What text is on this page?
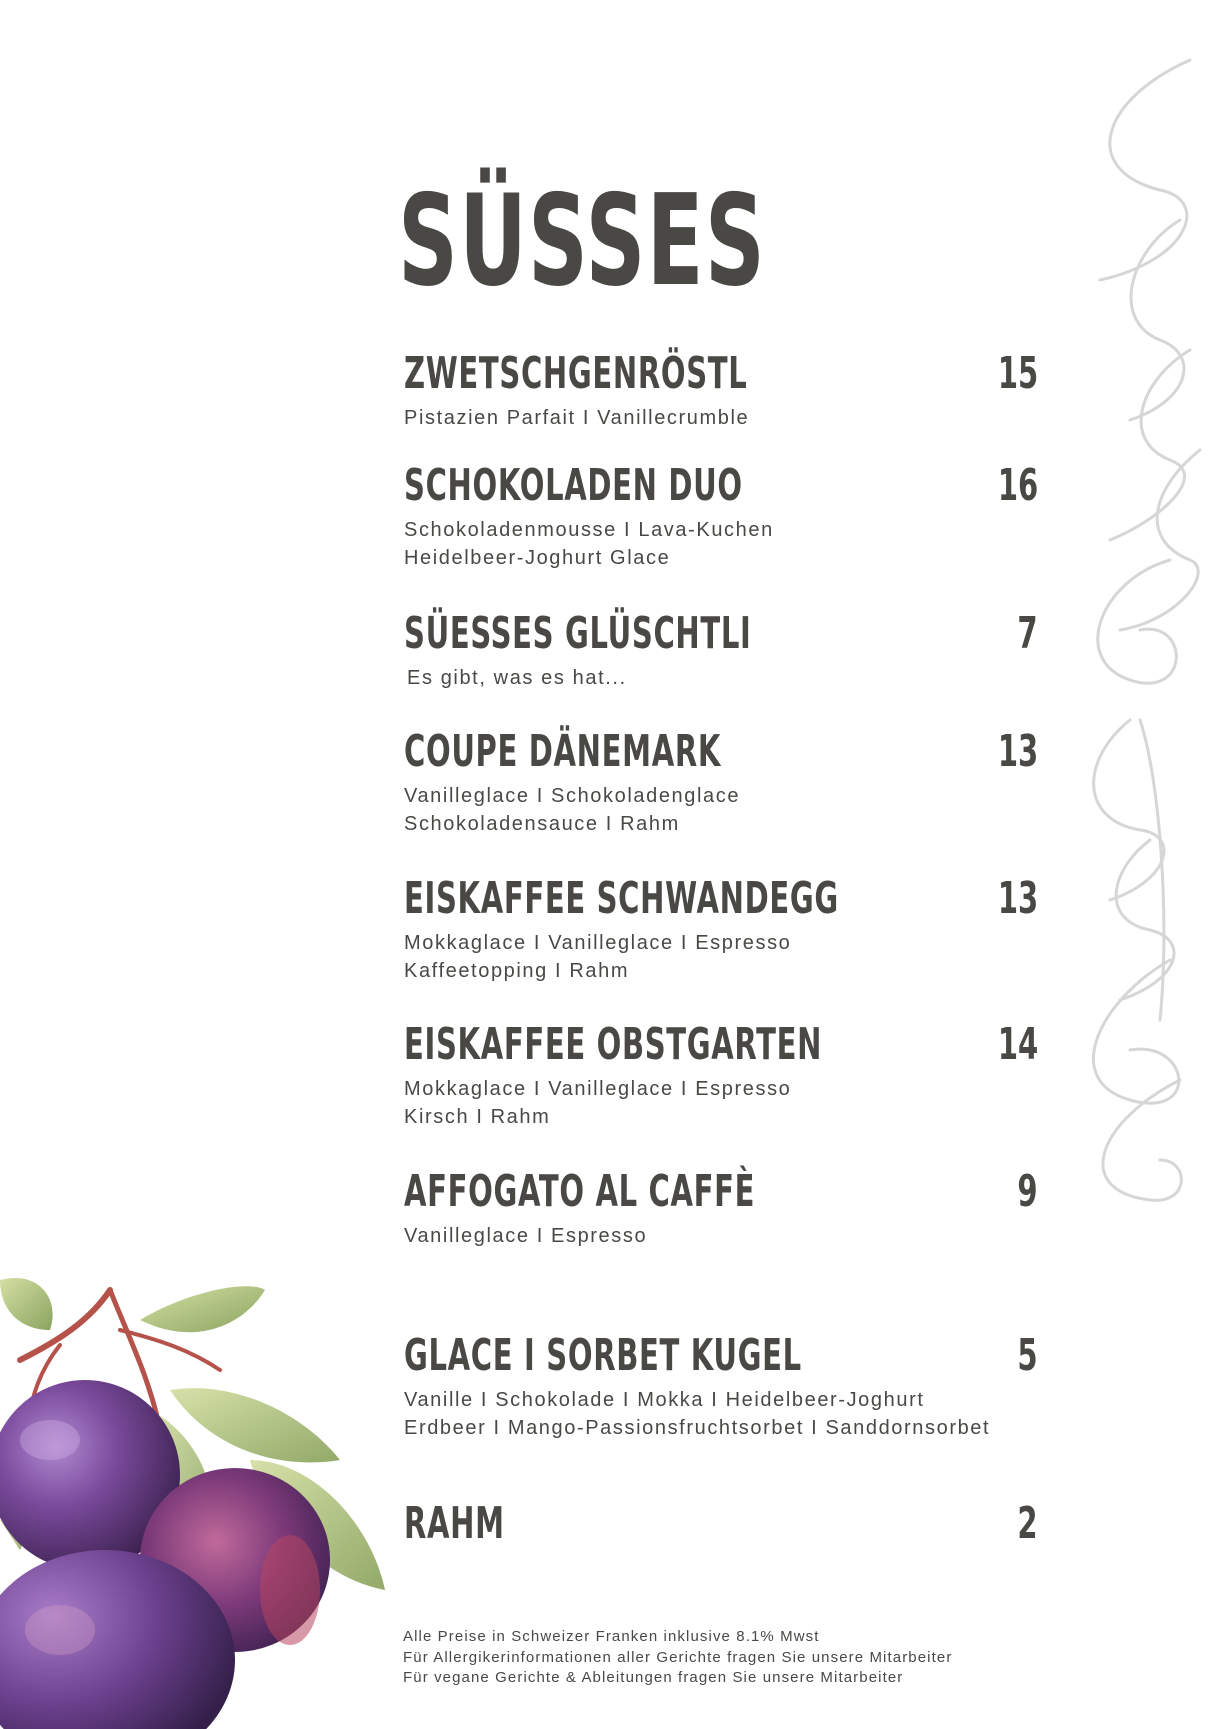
SÜSSES
ZWETSCHGENRÖSTL	15
Pistazien Parfait I Vanillecrumble
SCHOKOLADEN DUO	16
Schokoladenmousse I Lava-Kuchen
Heidelbeer-Joghurt Glace
SÜESSES GLÜSCHTLI	7
Es gibt, was es hat...
COUPE DÄNEMARK	13
Vanilleglace I Schokoladenglace
Schokoladensauce I Rahm
EISKAFFEE SCHWANDEGG	13
Mokkaglace I Vanilleglace I Espresso
Kaffeetopping I Rahm
EISKAFFEE OBSTGARTEN	14
Mokkaglace I Vanilleglace I Espresso
Kirsch I Rahm
AFFOGATO AL CAFFÈ	9
Vanilleglace I Espresso
GLACE I SORBET KUGEL	5
Vanille I Schokolade I Mokka I Heidelbeer-Joghurt
Erdbeer I Mango-Passionsfruchtsorbet I Sanddornsorbet
RAHM	2
Alle Preise in Schweizer Franken inklusive 8.1% Mwst
Für Allergikerinformationen aller Gerichte fragen Sie unsere Mitarbeiter
Für vegane Gerichte & Ableitungen fragen Sie unsere Mitarbeiter
